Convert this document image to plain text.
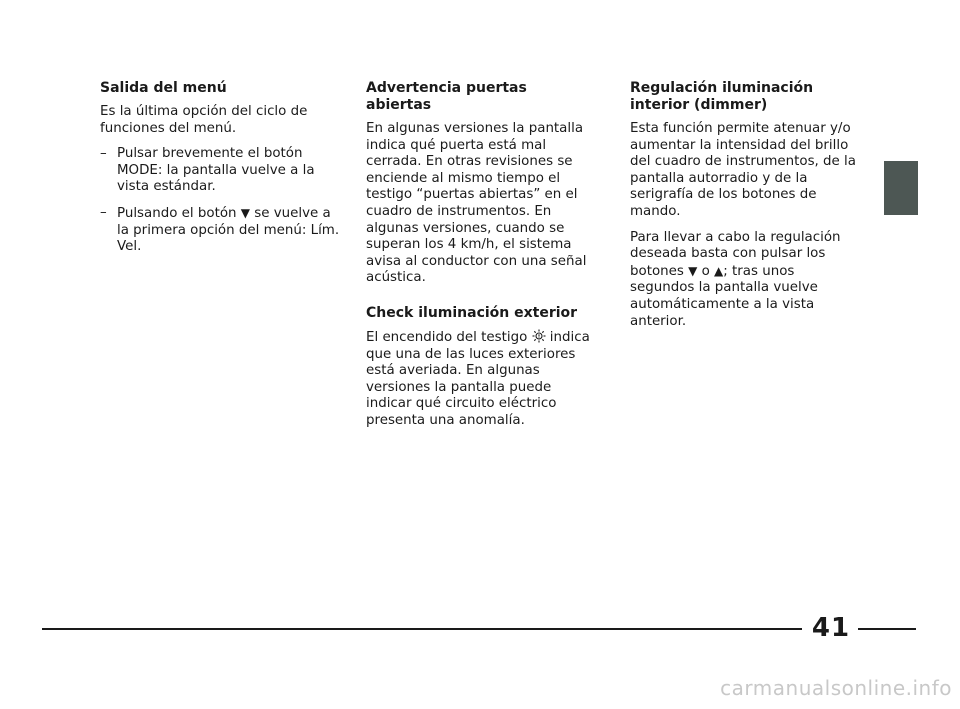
Salida del menú

Es la última opción del ciclo de funciones del menú.

– Pulsar brevemente el botón MODE: la pantalla vuelve a la vista estándar.
– Pulsando el botón ▼ se vuelve a la primera opción del menú: Lím. Vel.
Advertencia puertas abiertas

En algunas versiones la pantalla indica qué puerta está mal cerrada. En otras revisiones se enciende al mismo tiempo el testigo “puertas abiertas” en el cuadro de instrumentos. En algunas versiones, cuando se superan los 4 km/h, el sistema avisa al conductor con una señal acústica.

Check iluminación exterior

El encendido del testigo  indica que una de las luces exteriores está averiada. En algunas versiones la pantalla puede indicar qué circuito eléctrico presenta una anomalía.

Regulación iluminación interior (dimmer)

Esta función permite atenuar y/o aumentar la intensidad del brillo del cuadro de instrumentos, de la pantalla autorradio y de la serigrafía de los botones de mando.

Para llevar a cabo la regulación deseada basta con pulsar los botones ▼ o ▲; tras unos segundos la pantalla vuelve automáticamente a la vista anterior.

41
carmanualsonline.info
